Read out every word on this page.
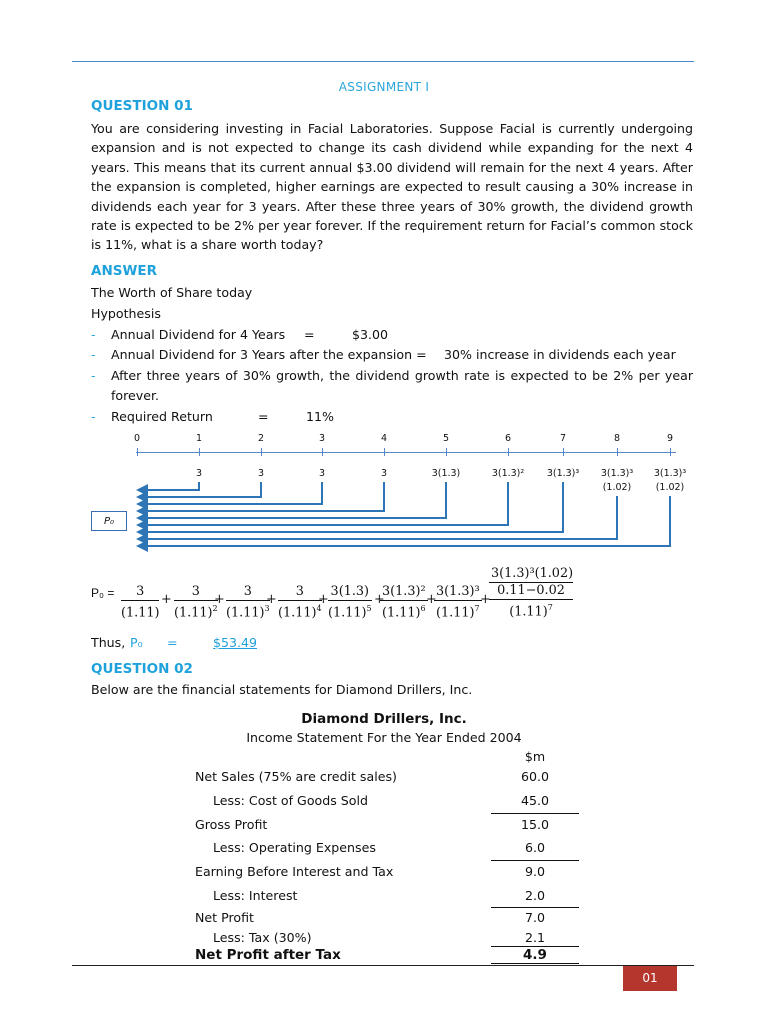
ASSIGNMENT I
QUESTION 01
You are considering investing in Facial Laboratories. Suppose Facial is currently undergoing expansion and is not expected to change its cash dividend while expanding for the next 4 years. This means that its current annual $3.00 dividend will remain for the next 4 years. After the expansion is completed, higher earnings are expected to result causing a 30% increase in dividends each year for 3 years. After these three years of 30% growth, the dividend growth rate is expected to be 2% per year forever. If the requirement return for Facial’s common stock is 11%, what is a share worth today?
ANSWER
The Worth of Share today
Hypothesis
- Annual Dividend for 4 Years =	$3.00
- Annual Dividend for 3 Years after the expansion = 30% increase in dividends each year
- After three years of 30% growth, the dividend growth rate is expected to be 2% per year
forever.
- Required Return	=	11%
0	1	2	3	4	5	6	7	8	9
3	3	3	3	3(1.3)	3(1.3)²	3(1.3)³	3(1.3)³
(1.02)
3(1.3)³
(1.02)
P₀
$P_0 = \frac{3}{(1.11)} + \frac{3}{(1.11)^2}$
+ $\frac{3}{(1.11)^3}$
+ $\frac{3}{(1.11)^4}$
+ $\frac{3(1.3)}{(1.11)^5}$ +
$\frac{\text{3(1.3)²}}{(1.11)^6}$
+
$\frac{\text{3(1.3)³}}{(1.11)^7}$
+
3(1.3)³(1.02)
0.11−0.02
$(1.11)^7$
Thus, P₀ =	$53.49
QUESTION 02
Below are the financial statements for Diamond Drillers, Inc.
Diamond Drillers, Inc.
Income Statement For the Year Ended 2004
$m
Net Sales (75% are credit sales)	60.0
Less: Cost of Goods Sold	45.0
Gross Profit	15.0
Less: Operating Expenses	6.0
Earning Before Interest and Tax	9.0
Less: Interest	2.0
Net Profit	7.0
Less: Tax (30%)	2.1
Net Profit after Tax	4.9
01
